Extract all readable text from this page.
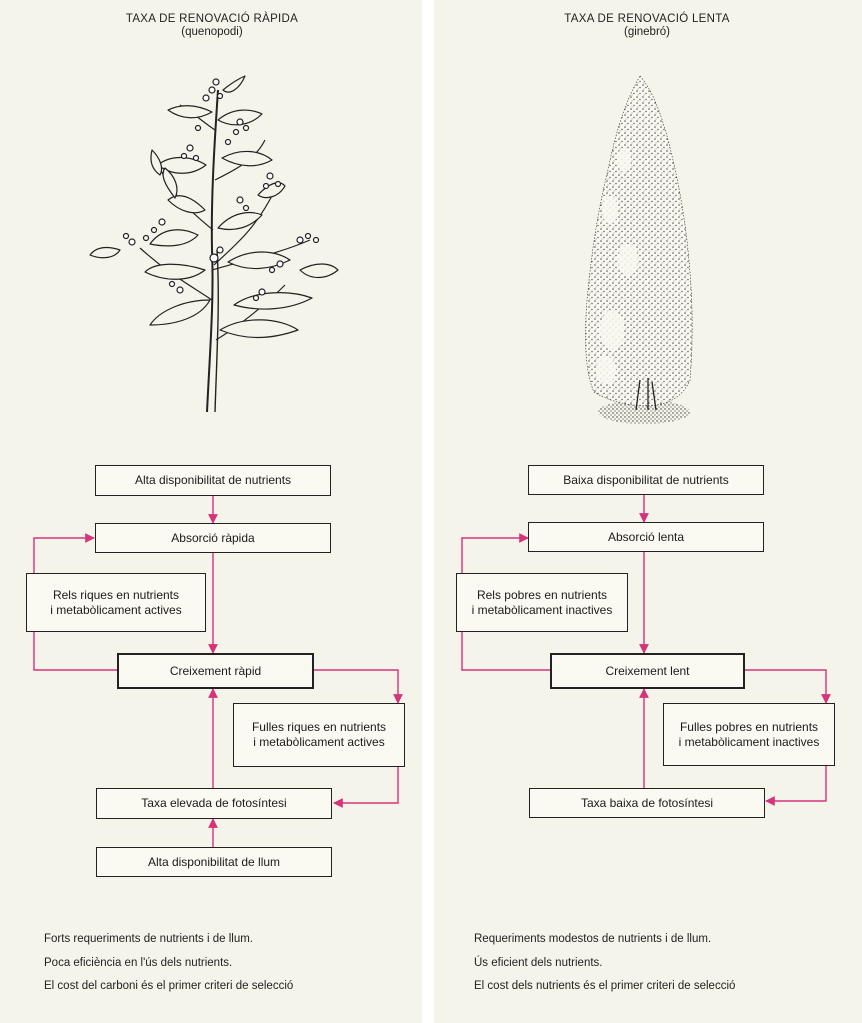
TAXA DE RENOVACIÓ RÀPIDA
(quenopodi)
TAXA DE RENOVACIÓ LENTA
(ginebró)
Alta disponibilitat de nutrients
Absorció ràpida
Rels riques en nutrients
i metabòlicament actives
Creixement ràpid
Fulles riques en nutrients
i metabòlicament actives
Taxa elevada de fotosíntesi
Alta disponibilitat de llum
Baixa disponibilitat de nutrients
Absorció lenta
Rels pobres en nutrients
i metabòlicament inactives
Creixement lent
Fulles pobres en nutrients
i metabòlicament inactives
Taxa baixa de fotosíntesi
Forts requeriments de nutrients i de llum.
Poca eficiència en l'ús dels nutrients.
El cost del carboni és el primer criteri de selecció
Requeriments modestos de nutrients i de llum.
Ús eficient dels nutrients.
El cost dels nutrients és el primer criteri de selecció
